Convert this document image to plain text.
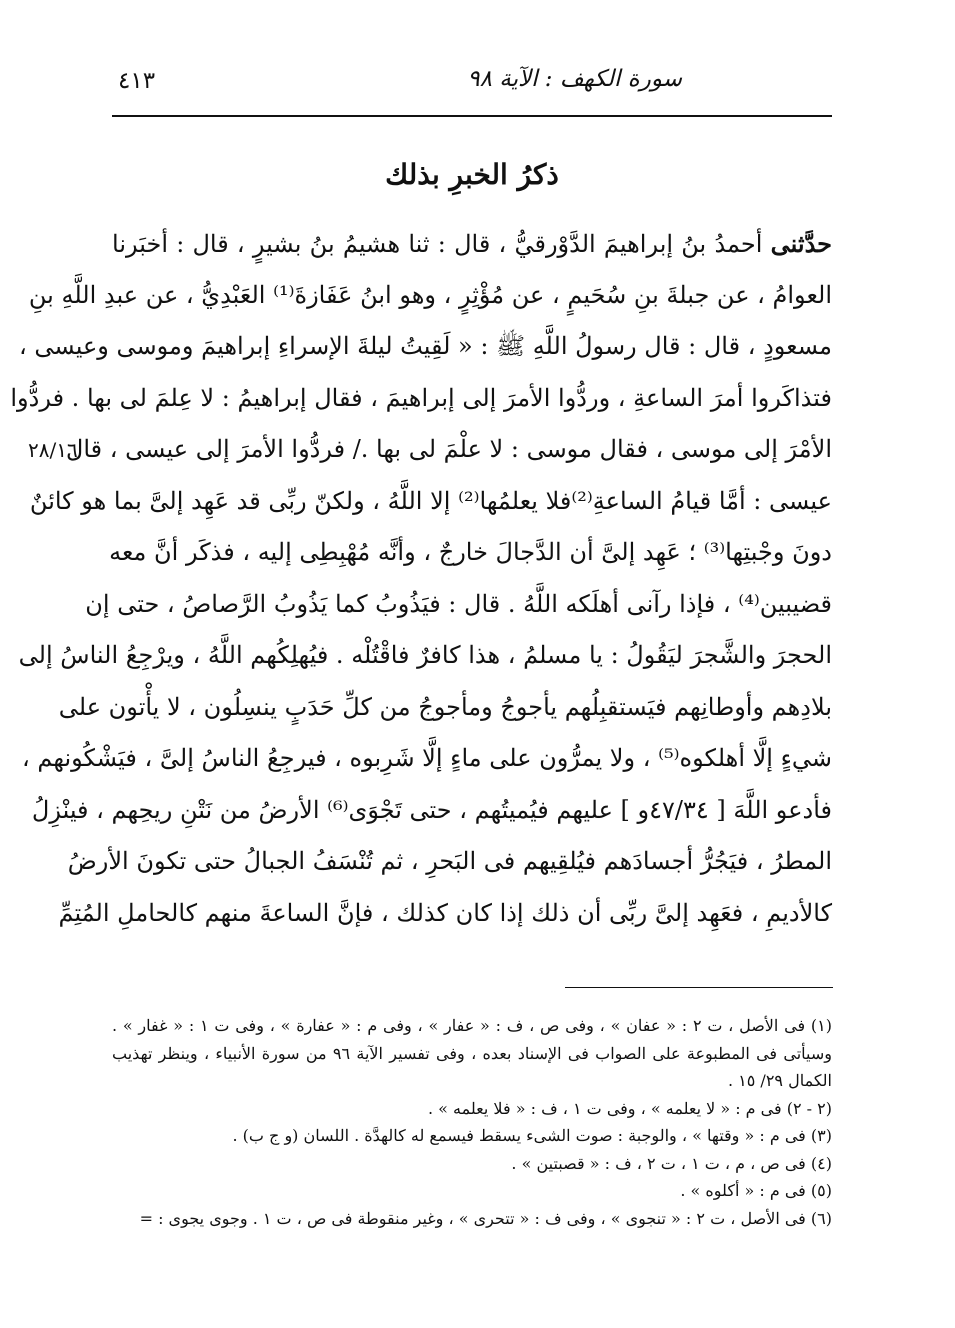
٤١٣	سورة الكهف : الآية ٩٨
ذكرُ الخبرِ بذلك
٢٨/١٦
حدَّثنى أحمدُ بنُ إبراهيمَ الدَّوْرقيُّ ، قال : ثنا هشيمُ بنُ بشيرٍ ، قال : أخبَرنا
العوامُ ، عن جبلةَ بنِ سُحَيمٍ ، عن مُؤْثِرٍ ، وهو ابنُ عَفَازةَ⁽¹⁾ العَبْدِيُّ ، عن عبدِ اللَّهِ بنِ
مسعودٍ ، قال : قال رسولُ اللَّهِ ﷺ : « لَقِيتُ ليلةَ الإسراءِ إبراهيمَ وموسى وعيسى ،
فتذاكَروا أمرَ الساعةِ ، وردُّوا الأمرَ إلى إبراهيمَ ، فقال إبراهيمُ : لا عِلمَ لى بها . فردُّوا
الأمْرَ إلى موسى ، فقال موسى : لا علْمَ لى بها ./ فردُّوا الأمرَ إلى عيسى ، قال
عيسى : أمَّا قيامُ الساعةِ⁽²⁾فلا يعلمُها⁽²⁾ إلا اللَّهُ ، ولكنّ ربِّى قد عَهِد إلىَّ بما هو كائنٌ
دونَ وجْبتِها⁽³⁾ ؛ عَهِد إلىَّ أن الدَّجالَ خارجٌ ، وأنَّه مُهْبِطِى إليه ، فذكَر أنَّ معه
قضيبين⁽⁴⁾ ، فإذا رآنى أهلَكه اللَّهُ . قال : فيَذُوبُ كما يَذُوبُ الرَّصاصُ ، حتى إن
الحجرَ والشَّجرَ ليَقُولُ : يا مسلمُ ، هذا كافرٌ فاقْتُلْه . فيُهلِكُهم اللَّهُ ، ويرْجِعُ الناسُ إلى
بلادِهم وأوطانِهم فيَستقبِلُهم يأجوجُ ومأجوجُ من كلِّ حَدَبٍ ينسِلُون ، لا يأْتون على
شيءٍ إلَّا أهلكوه⁽⁵⁾ ، ولا يمرُّون على ماءٍ إلَّا شَرِبوه ، فيرجِعُ الناسُ إلىَّ ، فيَشْكُونهم ،
فأدعو اللَّهَ [ ٤٧/٣٤و ] عليهم فيُميتُهم ، حتى تَجْوَى⁽⁶⁾ الأرضُ من نَتْنِ ريحِهم ، فينْزِلُ
المطرُ ، فيَجُرُّ أجسادَهم فيُلقِيهم فى البَحرِ ، ثم تُنْسَفُ الجبالُ حتى تكونَ الأرضُ
كالأديمِ ، فعَهِد إلىَّ ربِّى أن ذلك إذا كان كذلك ، فإنَّ الساعةَ منهم كالحاملِ المُتِمِّ
(١) فى الأصل ، ت ٢ : « عفان » ، وفى ص ، ف : « عفار » ، وفى م : « عفارة » ، وفى ت ١ : « غفار » .
وسيأتى فى المطبوعة على الصواب فى الإسناد بعده ، وفى تفسير الآية ٩٦ من سورة الأنبياء ، وينظر تهذيب
الكمال ٢٩/ ١٥ .
(٢ - ٢) فى م : « لا يعلمه » ، وفى ت ١ ، ف : « فلا يعلمه » .
(٣) فى م : « وقتها » ، والوجبة : صوت الشىء يسقط فيسمع له كالهدَّة . اللسان (و ج ب) .
(٤) فى ص ، م ، ت ١ ، ت ٢ ، ف : « قصبتين » .
(٥) فى م : « أكلوه » .
(٦) فى الأصل ، ت ٢ : « تنجوى » ، وفى ف : « تتحرى » ، وغير منقوطة فى ص ، ت ١ . وجوى يجوى : =
